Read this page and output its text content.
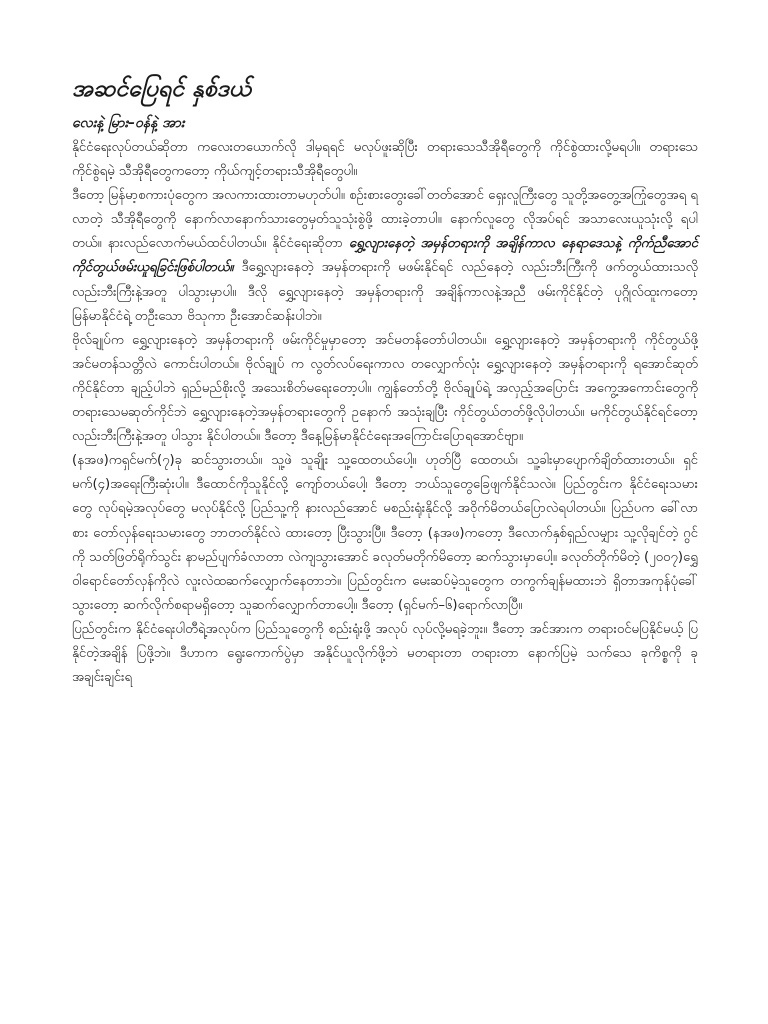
အဆင်ပြေရင် နှစ်ဒယ်
လေးနဲ့ မြား–ဝန်နဲ့ အား

နိုင်ငံရေးလုပ်တယ်ဆိုတာ ကလေးတယောက်လို ဒါမှရရင် မလုပ်ဖူးဆိုပြီး တရားသေသီအိုရီတွေကို ကိုင်စွဲထားလို့မရပါ။ တရားသေ ကိုင်စွဲရမဲ့ သီအိုရီတွေကတော့ ကိုယ်ကျင့်တရားသီအိုရီတွေပါ။

ဒီတော့ မြန်မာ့စကားပုံတွေက အလကားထားတာမဟုတ်ပါ။ စဉ်းစားတွေးခေါ်တတ်အောင် ရှေးလူကြီးတွေ သူတို့အတွေ့အကြုံတွေအရ ရလာတဲ့ သီအိုရီတွေကို နောက်လာနောက်သားတွေမှတ်သူသုံးစွဲဖို့ ထားခဲ့တာပါ။ နောက်လူတွေ လိုအပ်ရင် အသာလေးယူသုံးလို့ ရပါတယ်။ နားလည်လောက်မယ်ထင်ပါတယ်။ နိုင်ငံရေးဆိုတာ ရွှေ့လျားနေတဲ့ အမှန်တရားကို အချိန်ကာလ နေရာဒေသနဲ့ ကိုက်ညီအောင် ကိုင်တွယ်ဖမ်းယူရခြင်းဖြစ်ပါတယ်။ ဒီရွှေ့လျားနေတဲ့ အမှန်တရားကို မဖမ်းနိုင်ရင် လည်နေတဲ့ လည်းဘီးကြီးကို ဖက်တွယ်ထားသလို လည်းဘီးကြီးနဲ့အတူ ပါသွားမှာပါ။ ဒီလို ရွှေ့လျားနေတဲ့ အမှန်တရားကို အချိန်ကာလနဲ့အညီ ဖမ်းကိုင်နိုင်တဲ့ ပုဂ္ဂိုလ်ထူးကတော့ မြန်မာနိုင်ငံရဲ့ တဦးသော ဗိသုကာ ဦးအောင်ဆန်းပါဘဲ။

ဗိုလ်ချုပ်က ရွှေ့လျားနေတဲ့ အမှန်တရားကို ဖမ်းကိုင်မှုမှာတော့ အင်မတန်တော်ပါတယ်။ ရွှေ့လျားနေတဲ့ အမှန်တရားကို ကိုင်တွယ်ဖို့ အင်မတန်သတ္တိလဲ ကောင်းပါတယ်။ ဗိုလ်ချုပ် က လွတ်လပ်ရေးကာလ တလျှောက်လုံး ရွှေ့လျားနေတဲ့ အမှန်တရားကို ရအောင်ဆုတ်ကိုင်နိုင်တာ ချည့်ပါဘဲ ရှည်မည်စိုးလို့ အသေးစိတ်မရေးတော့ပါ။ ကျွန်တော်တို့ ဗိုလ်ချုပ်ရဲ့ အလှည့်အပြောင်း အကွေ့အကောင်းတွေကို တရားသေမဆုတ်ကိုင်ဘဲ ရွှေ့လျားနေတဲ့အမှန်တရားတွေကို ဥနောက် အသုံးချပြီး ကိုင်တွယ်တတ်ဖို့လိုပါတယ်။ မကိုင်တွယ်နိုင်ရင်တော့ လည်းဘီးကြီးနဲ့အတူ ပါသွား နိုင်ပါတယ်။ ဒီတော့ ဒီနေ့မြန်မာနိုင်ငံရေးအကြောင်းပြောရအောင်ဗျာ။

(နအဖ)ကရှင်မက်(၇)ခု ဆင်သွားတယ်။ သူ့ဖဲ သူချိုး သူ့ထေတယ်ပေါ့။ ဟုတ်ပြီ ထေတယ်၊ သူ့ခါးမှာပျောက်ချိတ်ထားတယ်။ ရှင်မက်(၄)အရေးကြီးဆုံးပါ။ ဒီထောင်ကိုသူနိုင်လို့ ကျော်တယ်ပေါ့၊ ဒီတော့ ဘယ်သူတွေခြေဖျက်နိုင်သလဲ။ ပြည်တွင်းက နိုင်ငံရေးသမားတွေ လုပ်ရမဲ့အလုပ်တွေ မလုပ်နိုင်လို့ ပြည်သူ့ကို နားလည်အောင် မစည်းရုံးနိုင်လို့ အဝိုက်မိတယ်ပြောလဲရပါတယ်။ ပြည်ပက ခေါ်လာစား တော်လှန်ရေးသမားတွေ ဘာတတ်နိုင်လဲ ထားတော့ ပြီးသွားပြီ။ ဒီတော့ (နအဖ)ကတော့ ဒီလောက်နှစ်ရှည်လမျှား သူ့လိုချင်တဲ့ ဂွင်ကို သတ်ဖြတ်ရိုက်သွင်း နာမည်ပျက်ခံလာတာ လဲကျသွားအောင် ခလုတ်မတိုက်မိတော့ ဆက်သွားမှာပေါ့။ ခလုတ်တိုက်မိတဲ့ (၂၀၀၇)ရွှေဝါရောင်တော်လှန်ကိုလဲ လူးလဲထဆက်လျှောက်နေတာဘဲ။ ပြည်တွင်းက မေးဆပ်မဲ့သူတွေက တကွက်ချန်မထားဘဲ ရှိတာအကုန်ပုံခေါ်သွားတော့ ဆက်လိုက်စရာမရှိတော့ သူဆက်လျှောက်တာပေါ့။ ဒီတော့ (ရှင်မက်–၆)ရောက်လာပြီ။

ပြည်တွင်းက နိုင်ငံရေးပါတီရဲ့အလုပ်က ပြည်သူတွေကို စည်းရုံးဖို့ အလုပ် လုပ်လို့မရခဲ့ဘူး။ ဒီတော့ အင်အားက တရားဝင်မပြနိုင်မယ့် ပြနိုင်တဲ့အချိန် ပြဖို့ဘဲ။ ဒီဟာက ရွေးကောက်ပွဲမှာ အနိုင်ယူလိုက်ဖို့ဘဲ မတရားတာ တရားတာ နောက်ပြမဲ့ သက်သေ ခုကိစ္စကို ခုအချင်းချင်းရ
